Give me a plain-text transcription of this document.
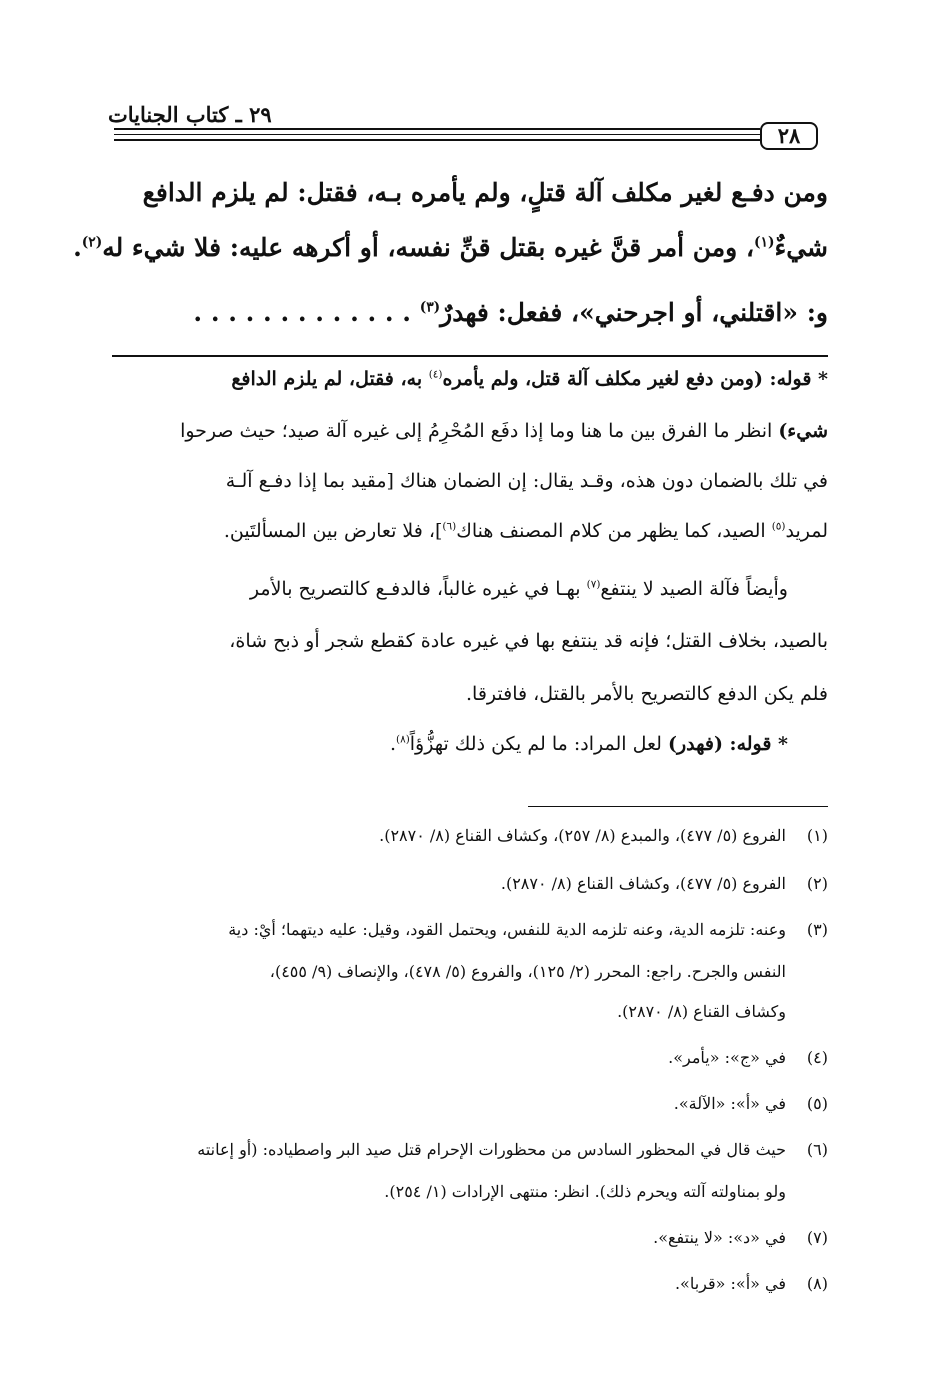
٢٩ ـ كتاب الجنايات
٢٨
ومن دفـع لغير مكلف آلة قتلٍ، ولم يأمره بـه، فقتل: لم يلزم الدافع
شيءٌ$^{(١)}$، ومن أمر قنَّ غيره بقتل قنِّ نفسه، أو أكرهه عليه: فلا شيء له$^{(٢)}$.
و: «اقتلني، أو اجرحني»، ففعل: فهدرٌ$^{(٣)}$ . . . . . . . . . . . . .
* قوله: (ومن دفع لغير مكلف آلة قتل، ولم يأمره$^{(٤)}$ به، فقتل، لم يلزم الدافع
شيء) انظر ما الفرق بين ما هنا وما إذا دفَع المُحْرِمُ إلى غيره آلة صيد؛ حيث صرحوا
في تلك بالضمان دون هذه، وقـد يقال: إن الضمان هناك [مقيد بما إذا دفـع آلـة
لمريد$^{(٥)}$ الصيد، كما يظهر من كلام المصنف هناك$^{(٦)}$]، فلا تعارض بين المسألتَين.
وأيضاً فآلة الصيد لا ينتفع$^{(٧)}$ بهـا في غيره غالباً، فالدفـع كالتصريح بالأمر
بالصيد، بخلاف القتل؛ فإنه قد ينتفع بها في غيره عادة كقطع شجر أو ذبح شاة،
فلم يكن الدفع كالتصريح بالأمر بالقتل، فافترقا.
* قوله: (فهدر) لعل المراد: ما لم يكن ذلك تهزُّؤاً$^{(٨)}$.
(١)الفروع (٥/ ٤٧٧)، والمبدع (٨/ ٢٥٧)، وكشاف القناع (٨/ ٢٨٧٠).
(٢)الفروع (٥/ ٤٧٧)، وكشاف القناع (٨/ ٢٨٧٠).
(٣)وعنه: تلزمه الدية، وعنه تلزمه الدية للنفس، ويحتمل القود، وقيل: عليه ديتهما؛ أيْ: دية
النفس والجرح. راجع: المحرر (٢/ ١٢٥)، والفروع (٥/ ٤٧٨)، والإنصاف (٩/ ٤٥٥)،
وكشاف القناع (٨/ ٢٨٧٠).
(٤)في «ج»: «يأمر».
(٥)في «أ»: «الآلة».
(٦)حيث قال في المحظور السادس من محظورات الإحرام قتل صيد البر واصطياده: (أو إعانته
ولو بمناولته آلته ويحرم ذلك). انظر: منتهى الإرادات (١/ ٢٥٤).
(٧)في «د»: «لا ينتفع».
(٨)في «أ»: «قربا».
